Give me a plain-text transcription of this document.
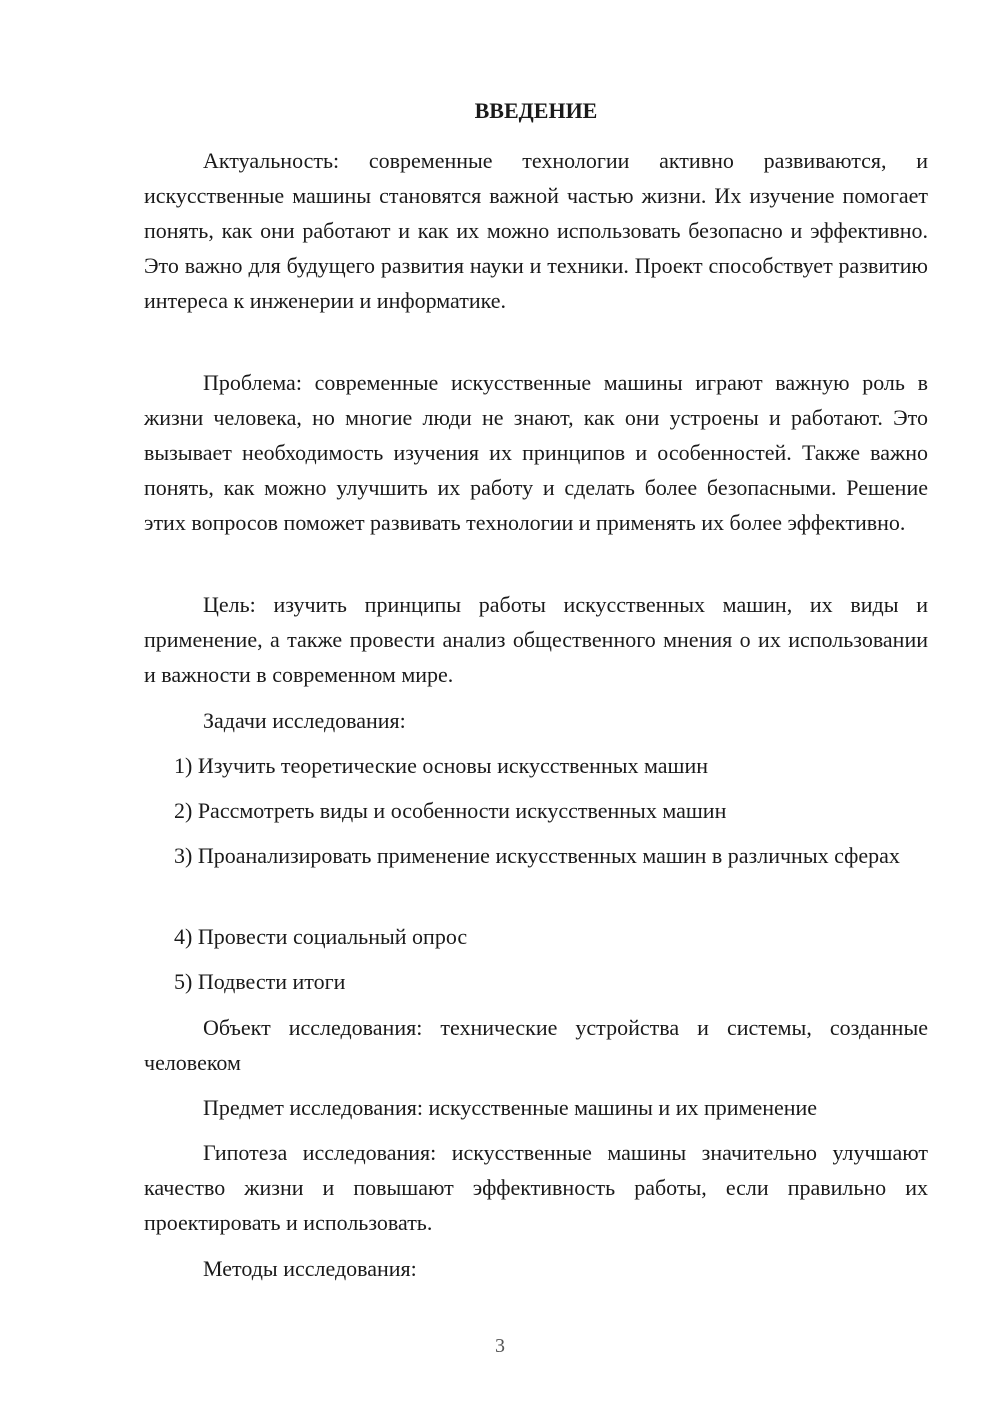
ВВЕДЕНИЕ

Актуальность: современные технологии активно развиваются, и искусственные машины становятся важной частью жизни. Их изучение помогает понять, как они работают и как их можно использовать безопасно и эффективно. Это важно для будущего развития науки и техники. Проект способствует развитию интереса к инженерии и информатике.

Проблема: современные искусственные машины играют важную роль в жизни человека, но многие люди не знают, как они устроены и работают. Это вызывает необходимость изучения их принципов и особенностей. Также важно понять, как можно улучшить их работу и сделать более безопасными. Решение этих вопросов поможет развивать технологии и применять их более эффективно.

Цель: изучить принципы работы искусственных машин, их виды и применение, а также провести анализ общественного мнения о их использовании и важности в современном мире.

Задачи исследования:

1) Изучить теоретические основы искусственных машин

2) Рассмотреть виды и особенности искусственных машин

3) Проанализировать применение искусственных машин в различных сферах

4) Провести социальный опрос

5) Подвести итоги

Объект исследования: технические устройства и системы, созданные человеком

Предмет исследования: искусственные машины и их применение

Гипотеза исследования: искусственные машины значительно улучшают качество жизни и повышают эффективность работы, если правильно их проектировать и использовать.

Методы исследования:

3
